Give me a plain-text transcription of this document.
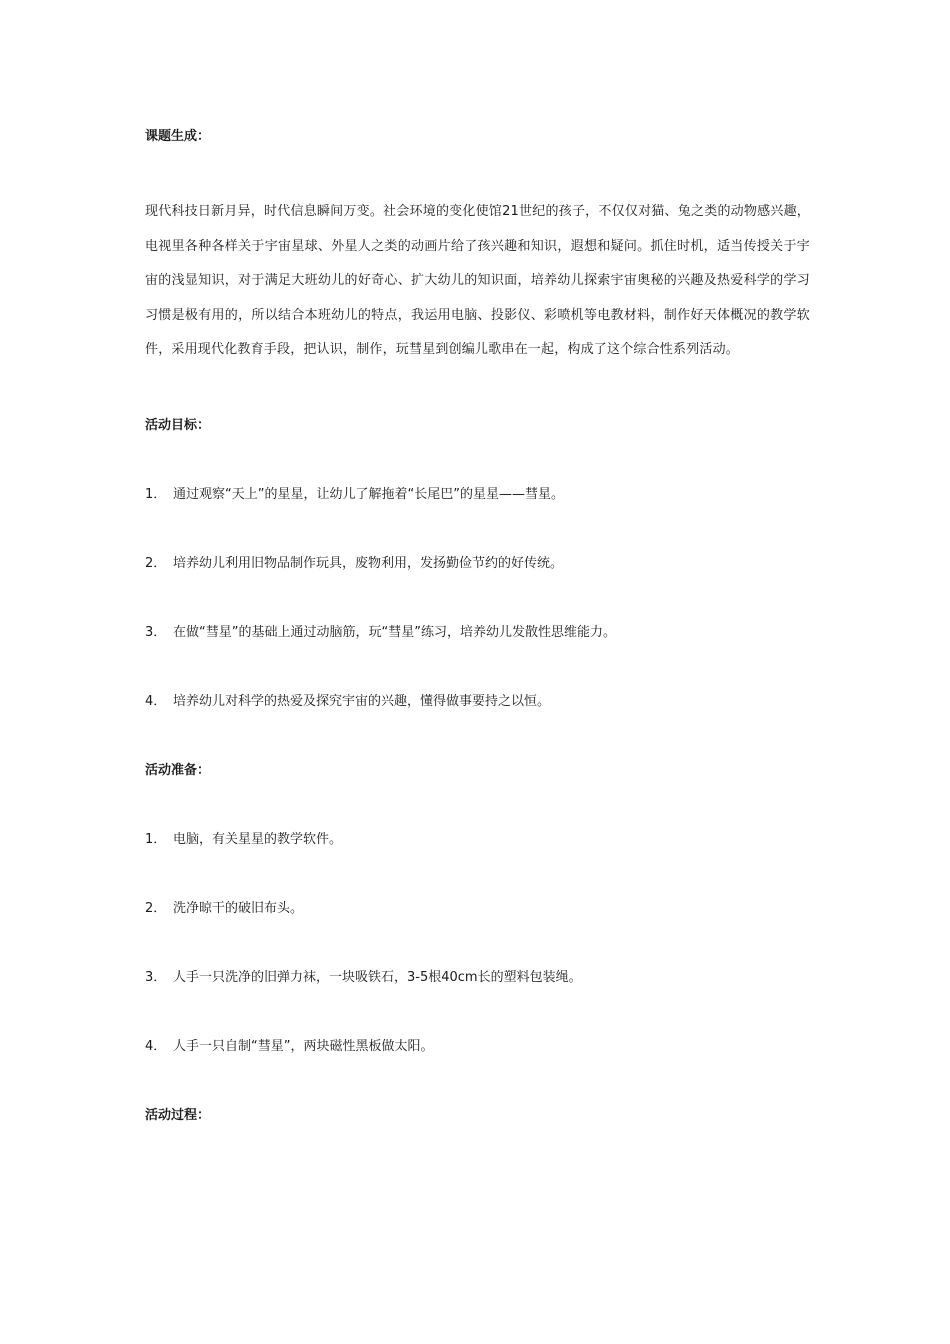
课题生成：

现代科技日新月异，时代信息瞬间万变。社会环境的变化使馆21世纪的孩子，不仅仅对猫、兔之类的动物感兴趣，电视里各种各样关于宇宙星球、外星人之类的动画片给了孩兴趣和知识，遐想和疑问。抓住时机，适当传授关于宇宙的浅显知识，对于满足大班幼儿的好奇心、扩大幼儿的知识面，培养幼儿探索宇宙奥秘的兴趣及热爱科学的学习习惯是极有用的，所以结合本班幼儿的特点，我运用电脑、投影仪、彩喷机等电教材料，制作好天体概况的教学软件，采用现代化教育手段，把认识，制作，玩彗星到创编儿歌串在一起，构成了这个综合性系列活动。

活动目标：

1． 通过观察“天上”的星星，让幼儿了解拖着“长尾巴”的星星——彗星。

2． 培养幼儿利用旧物品制作玩具，废物利用，发扬勤俭节约的好传统。

3． 在做“彗星”的基础上通过动脑筋，玩“彗星”练习，培养幼儿发散性思维能力。

4． 培养幼儿对科学的热爱及探究宇宙的兴趣，懂得做事要持之以恒。

活动准备：

1． 电脑，有关星星的教学软件。

2． 洗净晾干的破旧布头。

3． 人手一只洗净的旧弹力袜，一块吸铁石，3-5根40cm长的塑料包装绳。

4． 人手一只自制“彗星”，两块磁性黑板做太阳。

活动过程：
